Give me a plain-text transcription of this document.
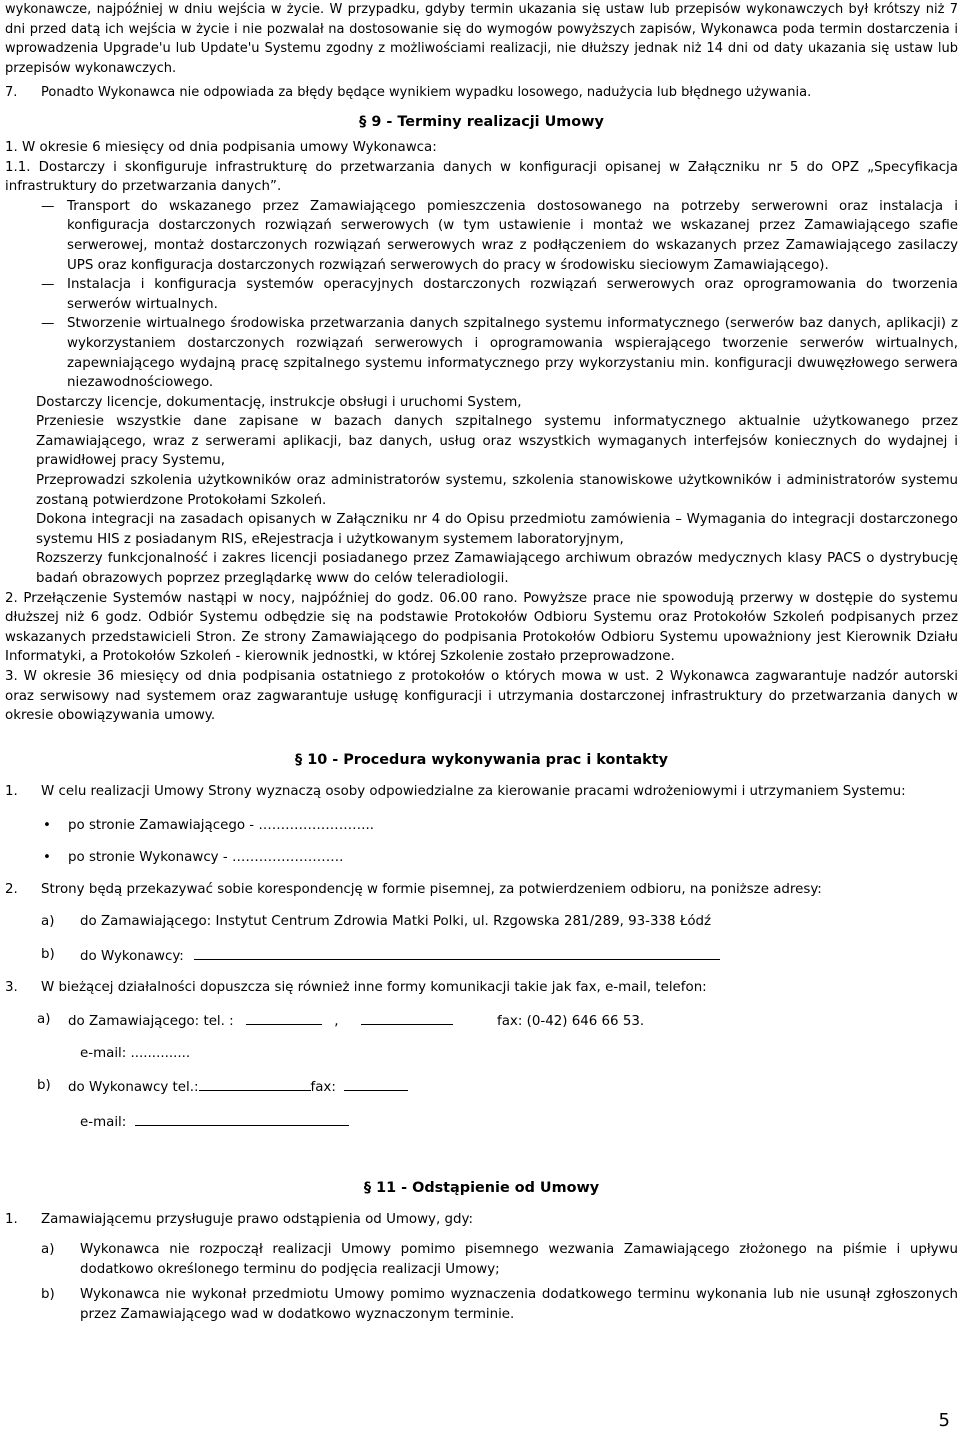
wykonawcze, najpóźniej w dniu wejścia w życie. W przypadku, gdyby termin ukazania się ustaw lub przepisów wykonawczych był krótszy niż 7 dni przed datą ich wejścia w życie i nie pozwalał na dostosowanie się do wymogów powyższych zapisów, Wykonawca poda termin dostarczenia i wprowadzenia Upgrade'u lub Update'u Systemu zgodny z możliwościami realizacji, nie dłuższy jednak niż 14 dni od daty ukazania się ustaw lub przepisów wykonawczych.

7. Ponadto Wykonawca nie odpowiada za błędy będące wynikiem wypadku losowego, nadużycia lub błędnego używania.

§ 9 - Terminy realizacji Umowy

1. W okresie 6 miesięcy od dnia podpisania umowy Wykonawca:

1.1. Dostarczy i skonfiguruje infrastrukturę do przetwarzania danych w konfiguracji opisanej w Załączniku nr 5 do OPZ „Specyfikacja infrastruktury do przetwarzania danych”.

— Transport do wskazanego przez Zamawiającego pomieszczenia dostosowanego na potrzeby serwerowni oraz instalacja i konfiguracja dostarczonych rozwiązań serwerowych (w tym ustawienie i montaż we wskazanej przez Zamawiającego szafie serwerowej, montaż dostarczonych rozwiązań serwerowych wraz z podłączeniem do wskazanych przez Zamawiającego zasilaczy UPS oraz konfiguracja dostarczonych rozwiązań serwerowych do pracy w środowisku sieciowym Zamawiającego).

— Instalacja i konfiguracja systemów operacyjnych dostarczonych rozwiązań serwerowych oraz oprogramowania do tworzenia serwerów wirtualnych.

— Stworzenie wirtualnego środowiska przetwarzania danych szpitalnego systemu informatycznego (serwerów baz danych, aplikacji) z wykorzystaniem dostarczonych rozwiązań serwerowych i oprogramowania wspierającego tworzenie serwerów wirtualnych, zapewniającego wydajną pracę szpitalnego systemu informatycznego przy wykorzystaniu min. konfiguracji dwuwęzłowego serwera niezawodnościowego.

Dostarczy licencje, dokumentację, instrukcje obsługi i uruchomi System,

Przeniesie wszystkie dane zapisane w bazach danych szpitalnego systemu informatycznego aktualnie użytkowanego przez Zamawiającego, wraz z serwerami aplikacji, baz danych, usług oraz wszystkich wymaganych interfejsów koniecznych do wydajnej i prawidłowej pracy Systemu,

Przeprowadzi szkolenia użytkowników oraz administratorów systemu, szkolenia stanowiskowe użytkowników i administratorów systemu zostaną potwierdzone Protokołami Szkoleń.

Dokona integracji na zasadach opisanych w Załączniku nr 4 do Opisu przedmiotu zamówienia – Wymagania do integracji dostarczonego systemu HIS z posiadanym RIS, eRejestracja i użytkowanym systemem laboratoryjnym,

Rozszerzy funkcjonalność i zakres licencji posiadanego przez Zamawiającego archiwum obrazów medycznych klasy PACS o dystrybucję badań obrazowych poprzez przeglądarkę www do celów teleradiologii.

2. Przełączenie Systemów nastąpi w nocy, najpóźniej do godz. 06.00 rano. Powyższe prace nie spowodują przerwy w dostępie do systemu dłuższej niż 6 godz. Odbiór Systemu odbędzie się na podstawie Protokołów Odbioru Systemu oraz Protokołów Szkoleń podpisanych przez wskazanych przedstawicieli Stron. Ze strony Zamawiającego do podpisania Protokołów Odbioru Systemu upoważniony jest Kierownik Działu Informatyki, a Protokołów Szkoleń - kierownik jednostki, w której Szkolenie zostało przeprowadzone.

3. W okresie 36 miesięcy od dnia podpisania ostatniego z protokołów o których mowa w ust. 2 Wykonawca zagwarantuje nadzór autorski oraz serwisowy nad systemem oraz zagwarantuje usługę konfiguracji i utrzymania dostarczonej infrastruktury do przetwarzania danych w okresie obowiązywania umowy.

§ 10 - Procedura wykonywania prac i kontakty

1. W celu realizacji Umowy Strony wyznaczą osoby odpowiedzialne za kierowanie pracami wdrożeniowymi i utrzymaniem Systemu:

• po stronie Zamawiającego - ……………………..

• po stronie Wykonawcy - …………………….

2. Strony będą przekazywać sobie korespondencję w formie pisemnej, za potwierdzeniem odbioru, na poniższe adresy:

a) do Zamawiającego: Instytut Centrum Zdrowia Matki Polki, ul. Rzgowska 281/289, 93-338 Łódź

b) do Wykonawcy:

3. W bieżącej działalności dopuszcza się również inne formy komunikacji takie jak fax, e-mail, telefon:

a) do Zamawiającego: tel. :	,	fax: (0-42) 646 66 53.

e-mail: ..............

b) do Wykonawcy tel.:	fax:

e-mail:

§ 11 - Odstąpienie od Umowy

1. Zamawiającemu przysługuje prawo odstąpienia od Umowy, gdy:

a) Wykonawca nie rozpoczął realizacji Umowy pomimo pisemnego wezwania Zamawiającego złożonego na piśmie i upływu dodatkowo określonego terminu do podjęcia realizacji Umowy;

b) Wykonawca nie wykonał przedmiotu Umowy pomimo wyznaczenia dodatkowego terminu wykonania lub nie usunął zgłoszonych przez Zamawiającego wad w dodatkowo wyznaczonym terminie.

5
